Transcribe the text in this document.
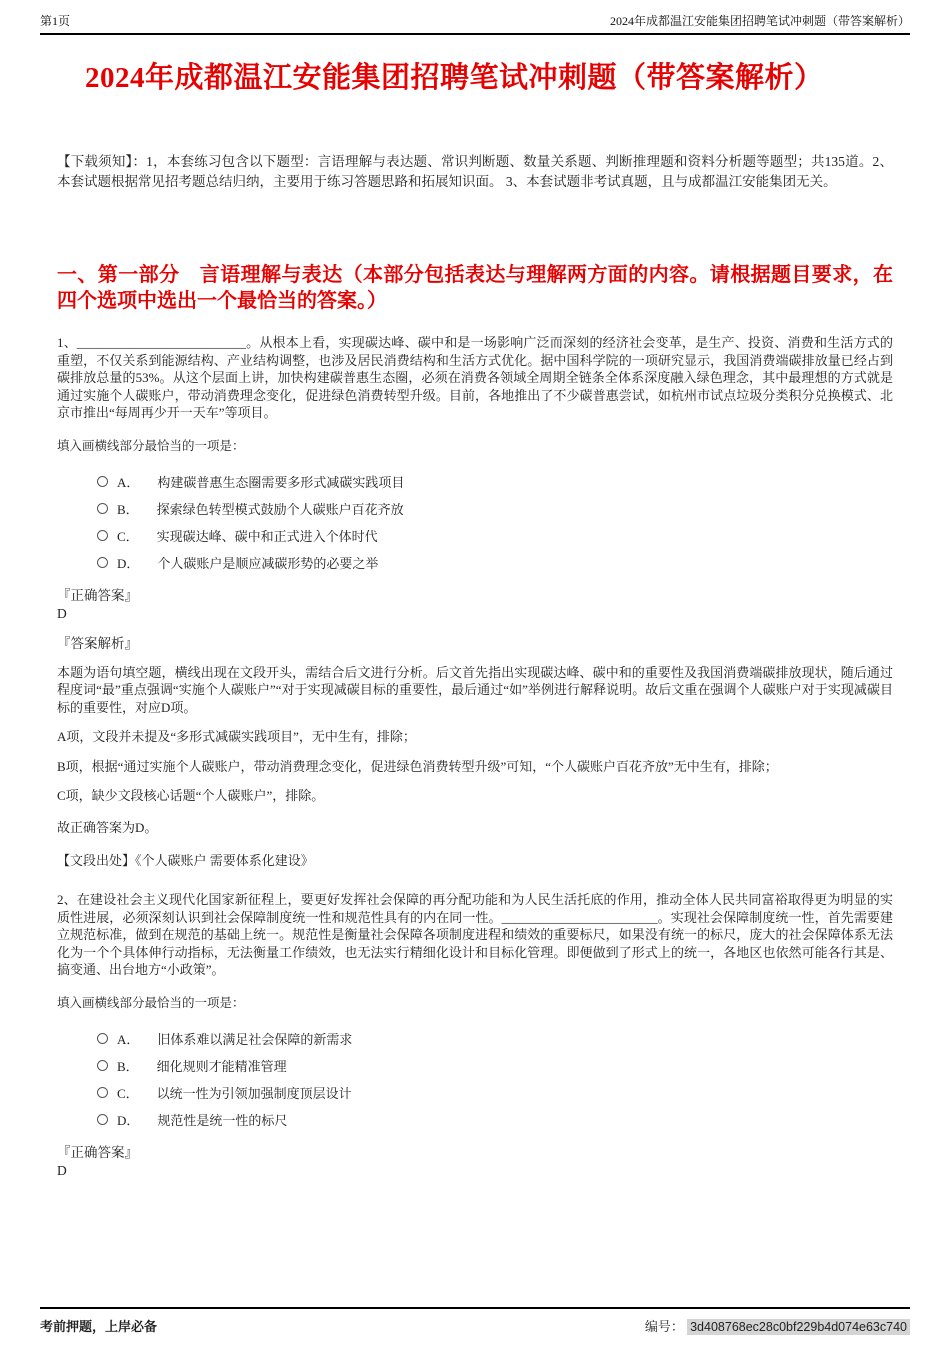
第1页	2024年成都温江安能集团招聘笔试冲刺题（带答案解析）
2024年成都温江安能集团招聘笔试冲刺题（带答案解析）

【下载须知】：1，本套练习包含以下题型：言语理解与表达题、常识判断题、数量关系题、判断推理题和资料分析题等题型；共135道。2、本套试题根据常见招考题总结归纳，主要用于练习答题思路和拓展知识面。 3、本套试题非考试真题，且与成都温江安能集团无关。

一、第一部分　言语理解与表达（本部分包括表达与理解两方面的内容。请根据题目要求，在四个选项中选出一个最恰当的答案。）

1、__________________________。从根本上看，实现碳达峰、碳中和是一场影响广泛而深刻的经济社会变革，是生产、投资、消费和生活方式的重塑，不仅关系到能源结构、产业结构调整，也涉及居民消费结构和生活方式优化。据中国科学院的一项研究显示，我国消费端碳排放量已经占到碳排放总量的53%。从这个层面上讲，加快构建碳普惠生态圈，必须在消费各领域全周期全链条全体系深度融入绿色理念，其中最理想的方式就是通过实施个人碳账户，带动消费理念变化，促进绿色消费转型升级。目前，各地推出了不少碳普惠尝试，如杭州市试点垃圾分类积分兑换模式、北京市推出“每周再少开一天车”等项目。

填入画横线部分最恰当的一项是：

A． 构建碳普惠生态圈需要多形式减碳实践项目
B． 探索绿色转型模式鼓励个人碳账户百花齐放
C． 实现碳达峰、碳中和正式进入个体时代
D． 个人碳账户是顺应减碳形势的必要之举
『正确答案』
D
『答案解析』

本题为语句填空题，横线出现在文段开头，需结合后文进行分析。后文首先指出实现碳达峰、碳中和的重要性及我国消费端碳排放现状，随后通过程度词“最”重点强调“实施个人碳账户”“对于实现减碳目标的重要性，最后通过“如”举例进行解释说明。故后文重在强调个人碳账户对于实现减碳目标的重要性，对应D项。

A项，文段并未提及“多形式减碳实践项目”，无中生有，排除；

B项，根据“通过实施个人碳账户，带动消费理念变化，促进绿色消费转型升级”可知，“个人碳账户百花齐放”无中生有，排除；

C项，缺少文段核心话题“个人碳账户”，排除。

故正确答案为D。

【文段出处】《个人碳账户 需要体系化建设》

2、在建设社会主义现代化国家新征程上，要更好发挥社会保障的再分配功能和为人民生活托底的作用，推动全体人民共同富裕取得更为明显的实质性进展，必须深刻认识到社会保障制度统一性和规范性具有的内在同一性。________________________。实现社会保障制度统一性，首先需要建立规范标准，做到在规范的基础上统一。规范性是衡量社会保障各项制度进程和绩效的重要标尺，如果没有统一的标尺，庞大的社会保障体系无法化为一个个具体伸行动指标，无法衡量工作绩效，也无法实行精细化设计和目标化管理。即便做到了形式上的统一，各地区也依然可能各行其是、搞变通、出台地方“小政策”。

填入画横线部分最恰当的一项是：

A． 旧体系难以满足社会保障的新需求
B． 细化规则才能精准管理
C． 以统一性为引领加强制度顶层设计
D． 规范性是统一性的标尺
『正确答案』
D
考前押题，上岸必备	编号： 3d408768ec28c0bf229b4d074e63c740
